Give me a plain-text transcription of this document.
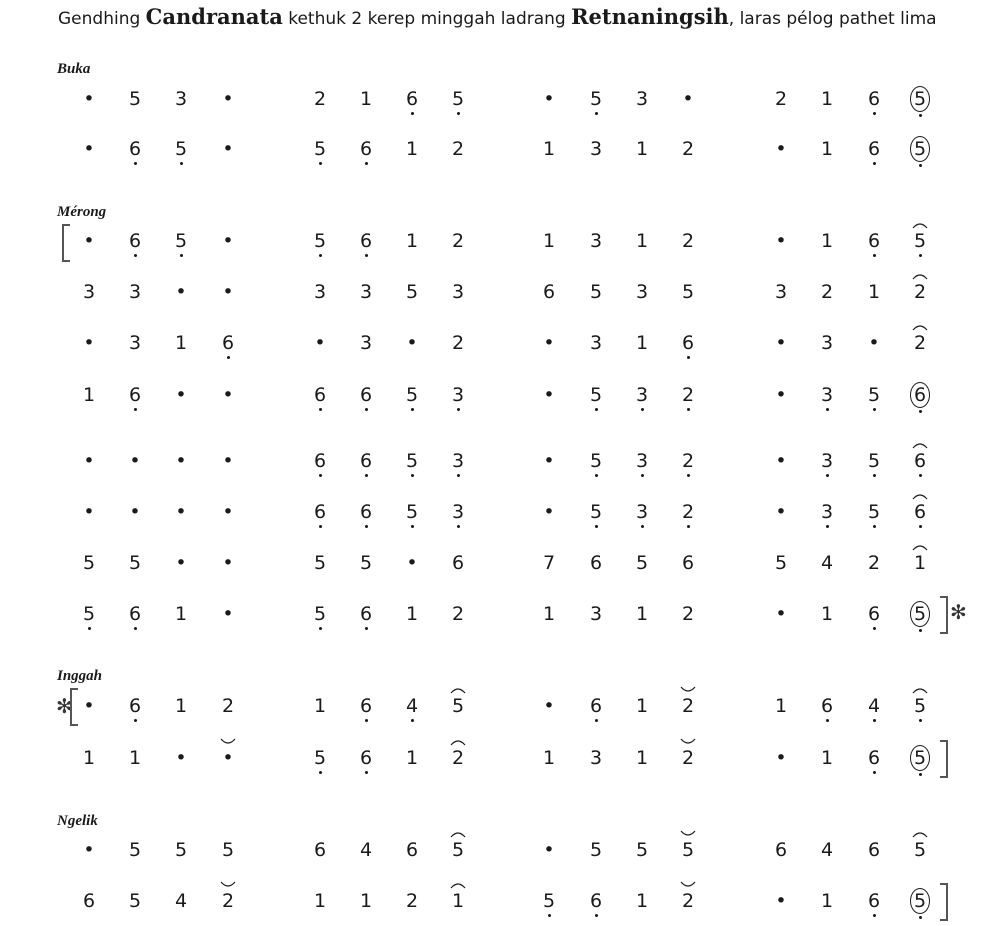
Gendhing Candranata kethuk 2 kerep minggah ladrang Retnaningsih, laras pélog pathet lima
Buka
Mérong
Inggah
Ngelik
•	5	3	•	2	1	6	5	•	5	3	•	2	1	6	5
•	6	5	•	5	6	1	2	1	3	1	2	•	1	6	5
•	6	5	•	5	6	1	2	1	3	1	2	•	1	6	5
3	3	•	•	3	3	5	3	6	5	3	5	3	2	1	2
•	3	1	6	•	3	•	2	•	3	1	6	•	3	•	2
1	6	•	•	6	6	5	3	•	5	3	2	•	3	5	6
•	•	•	•	6	6	5	3	•	5	3	2	•	3	5	6
•	•	•	•	6	6	5	3	•	5	3	2	•	3	5	6
5	5	•	•	5	5	•	6	7	6	5	6	5	4	2	1
5	6	1	•	5	6	1	2	1	3	1	2	•	1	6	5
•	6	1	2	1	6	4	5	•	6	1	2	1	6	4	5
1	1	•	•	5	6	1	2	1	3	1	2	•	1	6	5
•	5	5	5	6	4	6	5	•	5	5	5	6	4	6	5
6	5	4	2	1	1	2	1	5	6	1	2	•	1	6	5
✻
✻
